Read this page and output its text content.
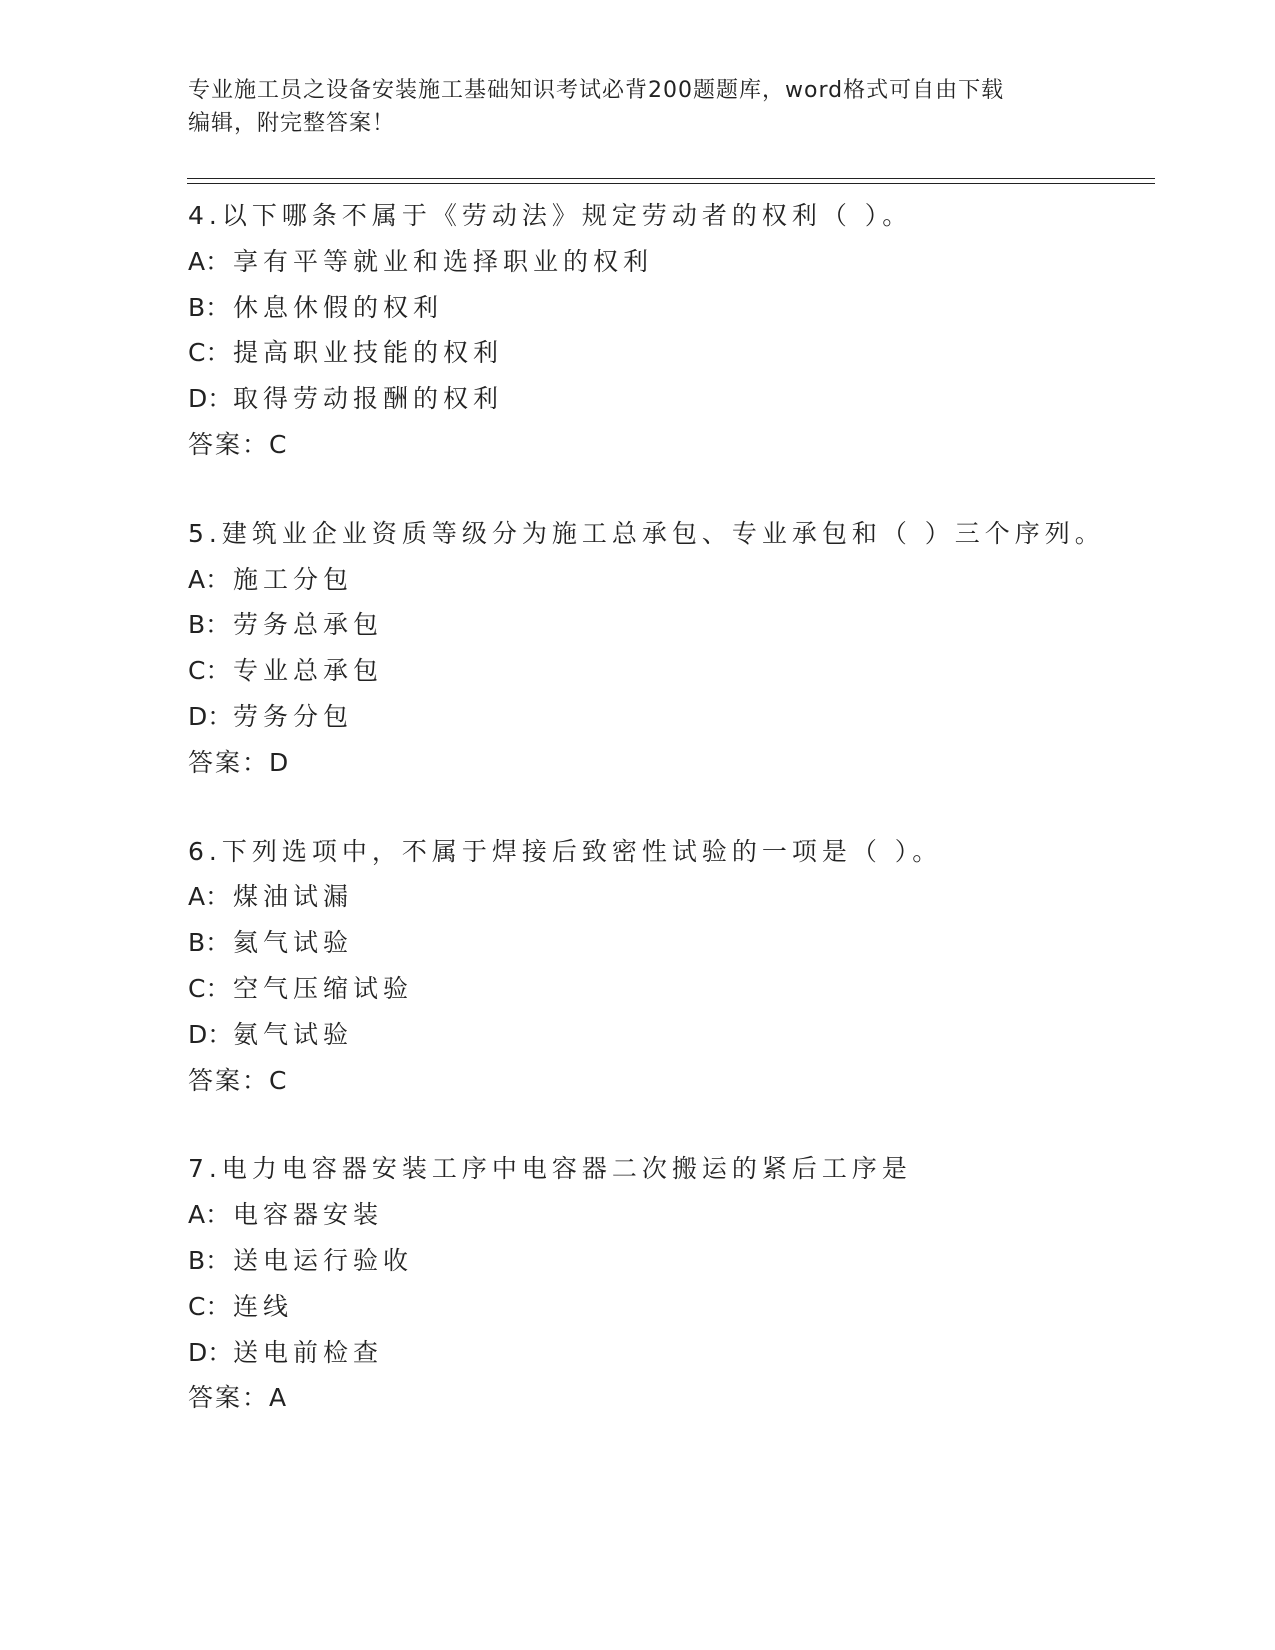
专业施工员之设备安装施工基础知识考试必背200题题库，word格式可自由下载
编辑，附完整答案！
4.以下哪条不属于《劳动法》规定劳动者的权利（ ）。
A： 享有平等就业和选择职业的权利
B： 休息休假的权利
C： 提高职业技能的权利
D：取得劳动报酬的权利
答案：C
5.建筑业企业资质等级分为施工总承包、专业承包和（ ）三个序列。
A： 施工分包
B： 劳务总承包
C： 专业总承包
D：劳务分包
答案：D
6.下列选项中，不属于焊接后致密性试验的一项是（ ）。
A： 煤油试漏
B： 氦气试验
C： 空气压缩试验
D：氨气试验
答案：C
7.电力电容器安装工序中电容器二次搬运的紧后工序是
A： 电容器安装
B： 送电运行验收
C： 连线
D：送电前检查
答案：A
